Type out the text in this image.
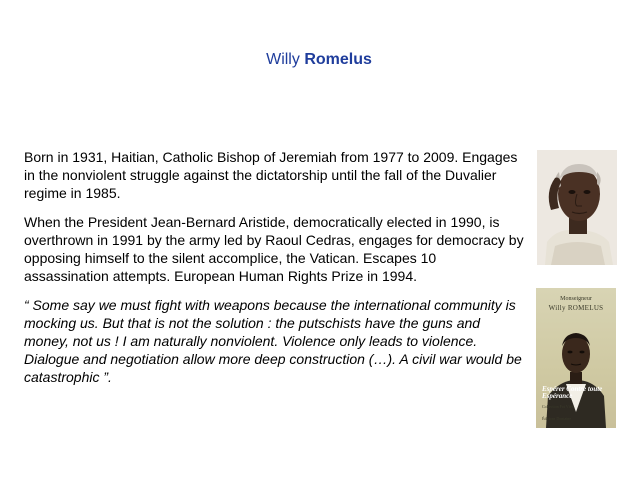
Willy Romelus

Born in 1931, Haitian, Catholic Bishop of Jeremiah from 1977 to 2009. Engages in the nonviolent struggle against the dictatorship until the fall of the Duvalier regime in 1985.

When the President Jean-Bernard Aristide, democratically elected in 1990, is overthrown in 1991 by the army led by Raoul Cedras, engages for democracy by opposing himself to the silent accomplice, the Vatican. Escapes 10 assassination attempts. European Human Rights Prize in 1994.

“ Some say we must fight with weapons because the international community is mocking us. But that is not the solution : the putschists have the guns and money, not us ! I am naturally nonviolent. Violence only leads to violence. Dialogue and negotiation allow more deep construction (…). A civil war would be catastrophic ”.

Monseigneur
Willy ROMELUS
Espérer Contre toute Espérance
Collection Foi Vive
Éditions Dontaine
